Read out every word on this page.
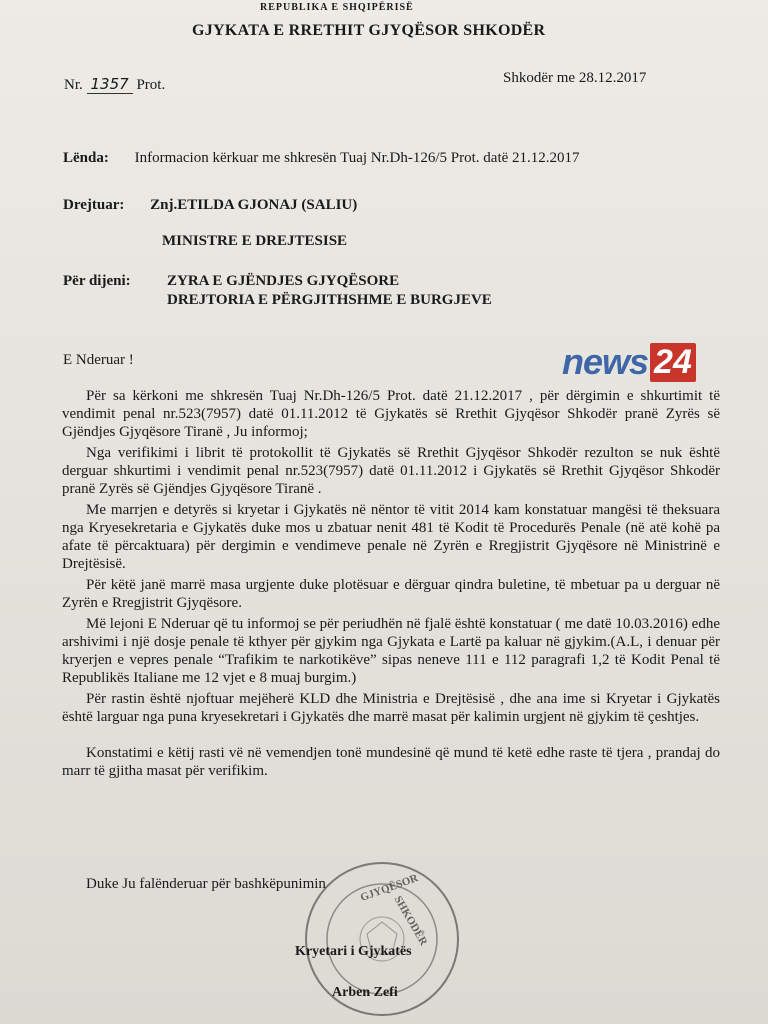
REPUBLIKA E SHQIPËRISË
GJYKATA E RRETHIT GJYQËSOR SHKODËR
Nr. 1357 Prot.	Shkodër me 28.12.2017
Lënda: Informacion kërkuar me shkresën Tuaj Nr.Dh-126/5 Prot. datë 21.12.2017
Drejtuar: Znj.ETILDA GJONAJ (SALIU)
MINISTRE E DREJTESISE
Për dijeni: ZYRA E GJËNDJES GJYQËSORE
DREJTORIA E PËRGJITHSHME E BURGJEVE
E Nderuar !	news 24

Për sa kërkoni me shkresën Tuaj Nr.Dh-126/5 Prot. datë 21.12.2017 , për dërgimin e shkurtimit të vendimit penal nr.523(7957) datë 01.11.2012 të Gjykatës së Rrethit Gjyqësor Shkodër pranë Zyrës së Gjëndjes Gjyqësore Tiranë , Ju informoj;

Nga verifikimi i librit të protokollit të Gjykatës së Rrethit Gjyqësor Shkodër rezulton se nuk është derguar shkurtimi i vendimit penal nr.523(7957) datë 01.11.2012 i Gjykatës së Rrethit Gjyqësor Shkodër pranë Zyrës së Gjëndjes Gjyqësore Tiranë .

Me marrjen e detyrës si kryetar i Gjykatës në nëntor të vitit 2014 kam konstatuar mangësi të theksuara nga Kryesekretaria e Gjykatës duke mos u zbatuar nenit 481 të Kodit të Procedurës Penale (në atë kohë pa afate të përcaktuara) për dergimin e vendimeve penale në Zyrën e Rregjistrit Gjyqësore në Ministrinë e Drejtësisë.

Për këtë janë marrë masa urgjente duke plotësuar e dërguar qindra buletine, të mbetuar pa u derguar në Zyrën e Rregjistrit Gjyqësore.

Më lejoni E Nderuar që tu informoj se për periudhën në fjalë është konstatuar ( me datë 10.03.2016) edhe arshivimi i një dosje penale të kthyer për gjykim nga Gjykata e Lartë pa kaluar në gjykim.(A.L, i denuar për kryerjen e vepres penale “Trafikim te narkotikëve” sipas neneve 111 e 112 paragrafi 1,2 të Kodit Penal të Republikës Italiane me 12 vjet e 8 muaj burgim.)

Për rastin është njoftuar mejëherë KLD dhe Ministria e Drejtësisë , dhe ana ime si Kryetar i Gjykatës është larguar nga puna kryesekretari i Gjykatës dhe marrë masat për kalimin urgjent në gjykim të çeshtjes.

Konstatimi e këtij rasti vë në vemendjen tonë mundesinë që mund të ketë edhe raste të tjera , prandaj do marr të gjitha masat për verifikim.

Duke Ju falënderuar për bashkëpunimin	GJYQËSOR
SHKODËR
Kryetari i Gjykatës
Arben Zefi
